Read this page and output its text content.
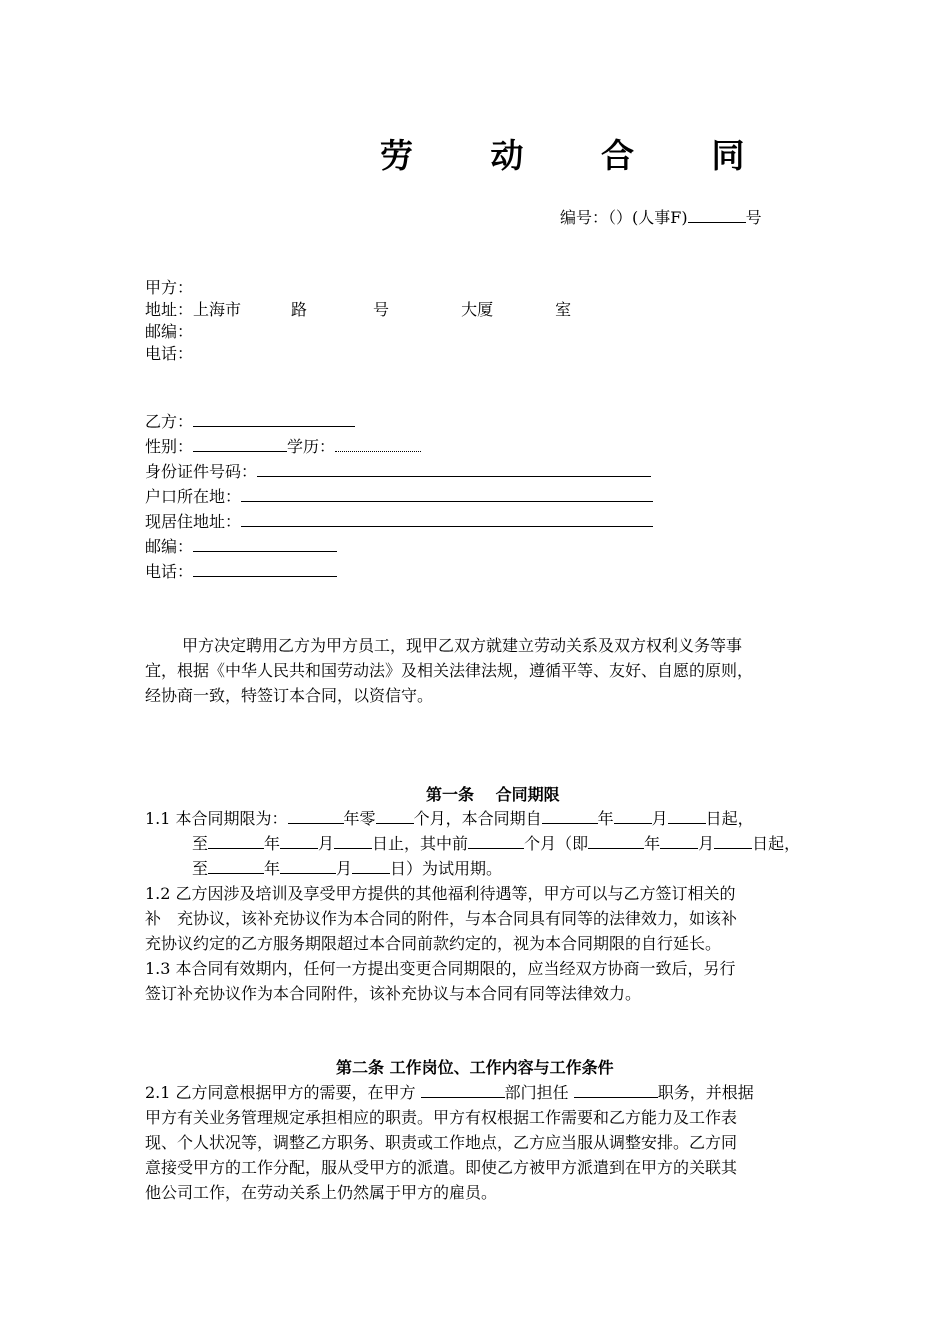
劳 动 合 同
编号：（）(人事F)	号
甲方：
地址：上海市	路	号	大厦	室
邮编：
电话：
乙方：
性别：	学历：
身份证件号码：
户口所在地：
现居住地址：
邮编：
电话：
甲方决定聘用乙方为甲方员工，现甲乙双方就建立劳动关系及双方权利义务等事
宜，根据《中华人民共和国劳动法》及相关法律法规，遵循平等、友好、自愿的原则，
经协商一致，特签订本合同，以资信守。
第一条　 合同期限
1.1 本合同期限为：	年零 个月，本合同期自	年 月 日起，
至	年 月 日止，其中前	个月（即	年 月 日起，
至	年	月 日）为试用期。
1.2 乙方因涉及培训及享受甲方提供的其他福利待遇等，甲方可以与乙方签订相关的
补　充协议，该补充协议作为本合同的附件，与本合同具有同等的法律效力，如该补
充协议约定的乙方服务期限超过本合同前款约定的，视为本合同期限的自行延长。
1.3 本合同有效期内，任何一方提出变更合同期限的，应当经双方协商一致后，另行
签订补充协议作为本合同附件，该补充协议与本合同有同等法律效力。
第二条 工作岗位、工作内容与工作条件
2.1 乙方同意根据甲方的需要，在甲方	部门担任	职务，并根据
甲方有关业务管理规定承担相应的职责。甲方有权根据工作需要和乙方能力及工作表
现、个人状况等，调整乙方职务、职责或工作地点，乙方应当服从调整安排。乙方同
意接受甲方的工作分配，服从受甲方的派遣。即使乙方被甲方派遣到在甲方的关联其
他公司工作，在劳动关系上仍然属于甲方的雇员。
